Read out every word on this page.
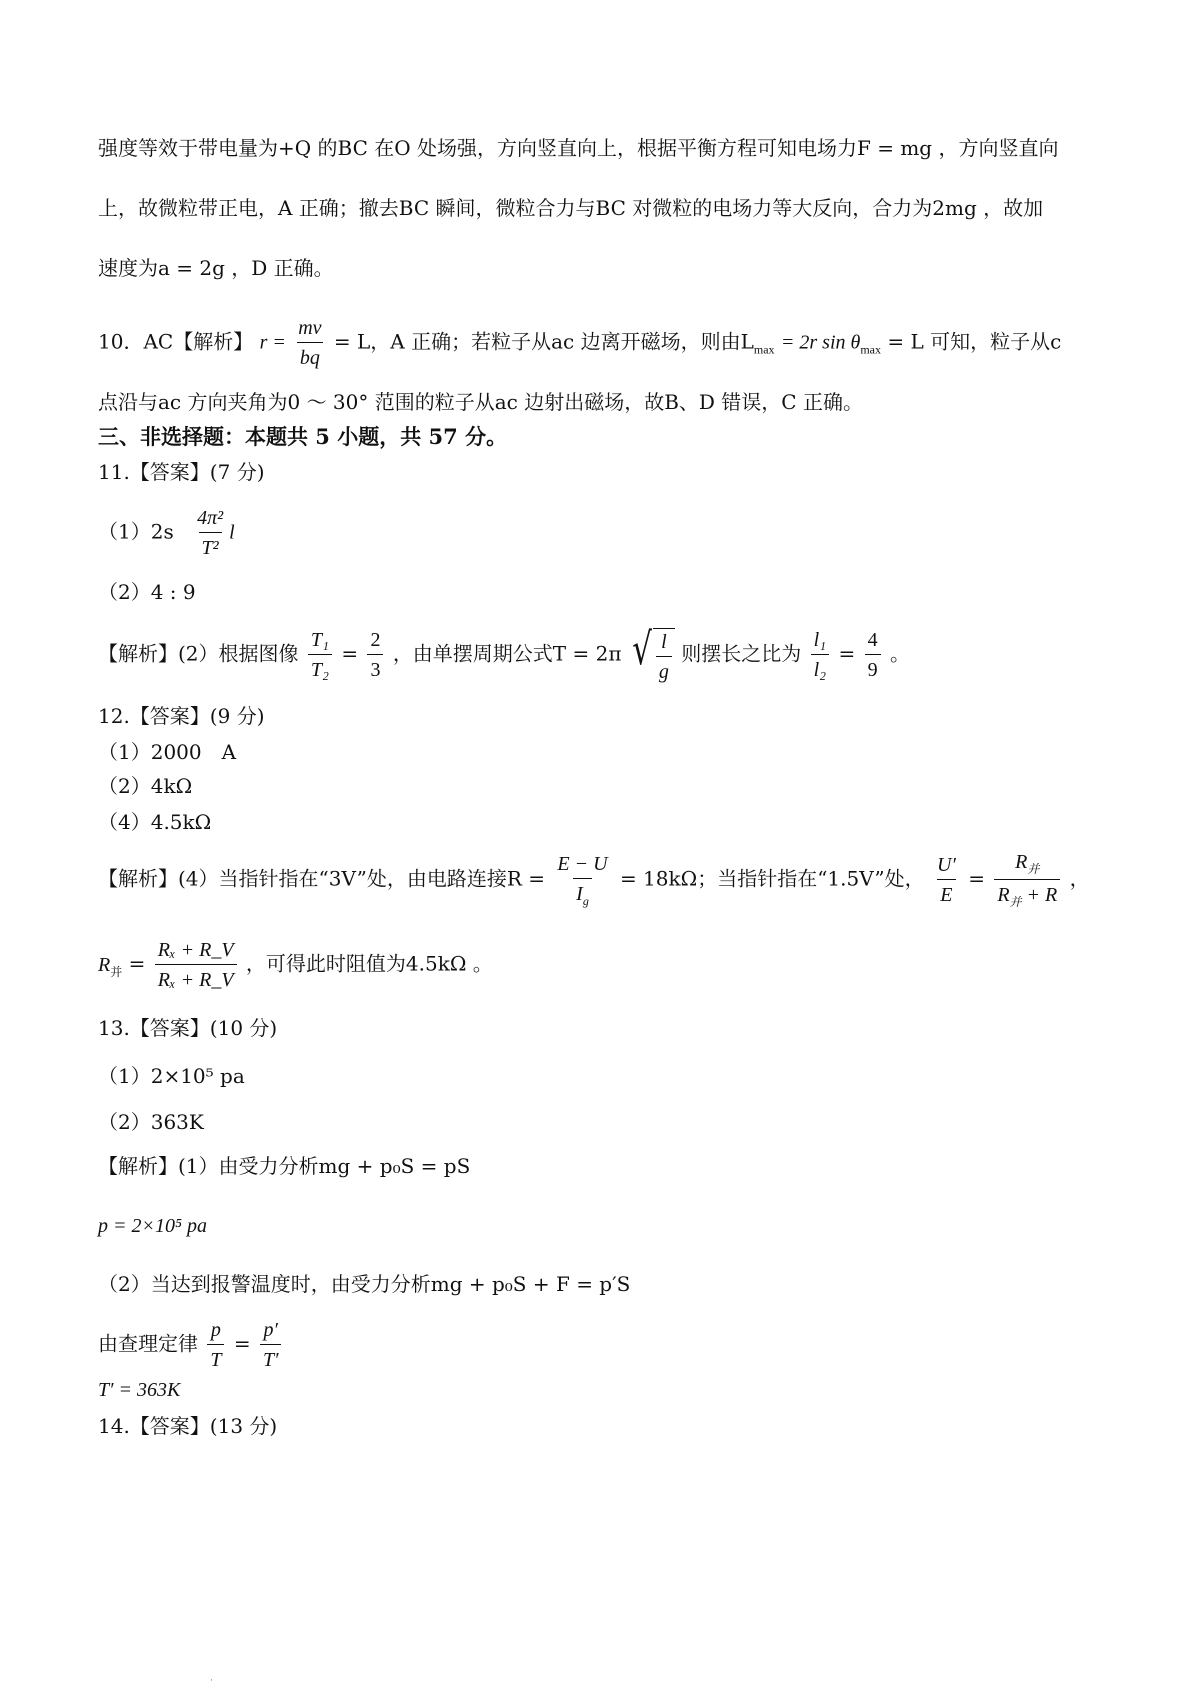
强度等效于带电量为+Q 的BC 在O 处场强，方向竖直向上，根据平衡方程可知电场力F = mg ，方向竖直向
上，故微粒带正电，A 正确；撤去BC 瞬间，微粒合力与BC 对微粒的电场力等大反向，合力为2mg ，故加
速度为a = 2g ，D 正确。
10．AC【解析】 $r = \frac{mv}{bq} = L$，A 正确；若粒子从ac 边离开磁场，则由$L_{max} = 2r$ $\sin \theta_{max} = L$ 可知，粒子从c
点沿与ac 方向夹角为0 ～ 30° 范围的粒子从ac 边射出磁场，故B、D 错误，C 正确。
三、非选择题：本题共 5 小题，共 57 分。
11.【答案】(7 分)
$(1)2s \frac{\text{4π²}}{\text{T²}}$ l
（2）4 : 9
【解析】(2）根据图像 $\frac{\text{T₁}}{\text{T₂}} = \frac{2}{3}$ ，由单摆周期公式T = 2π √ $\frac{l}{g}$ 则摆长之比为 $\frac{\text{l₁}}{\text{l₂}} = \frac{4}{9}$ 。
12.【答案】(9 分)
（1）2000　A
（2）4kΩ
（4）4.5kΩ
【解析】(4）当指针指在“3V”处，由电路连接$R = \frac{E - U}{I_g} = 18k\Omega$；当指针指在“1.5V”处， $\frac{U'}{E} = \frac{R_并}{R_并 + R}$ ，
$R_并 = \frac{\text{Rₓ + R\_V}}{\text{Rₓ + R\_V}}$ ，可得此时阻值为4.5kΩ 。
13.【答案】(10 分)
（1）2×10⁵ pa
（2）363K
【解析】(1）由受力分析mg + p₀S = pS
p = 2×10⁵ pa
（2）当达到报警温度时，由受力分析mg + p₀S + F = p′S
由查理定律 $\frac{p}{T} = \frac{p'}{T'}$
T′ = 363K
14.【答案】(13 分)
·
